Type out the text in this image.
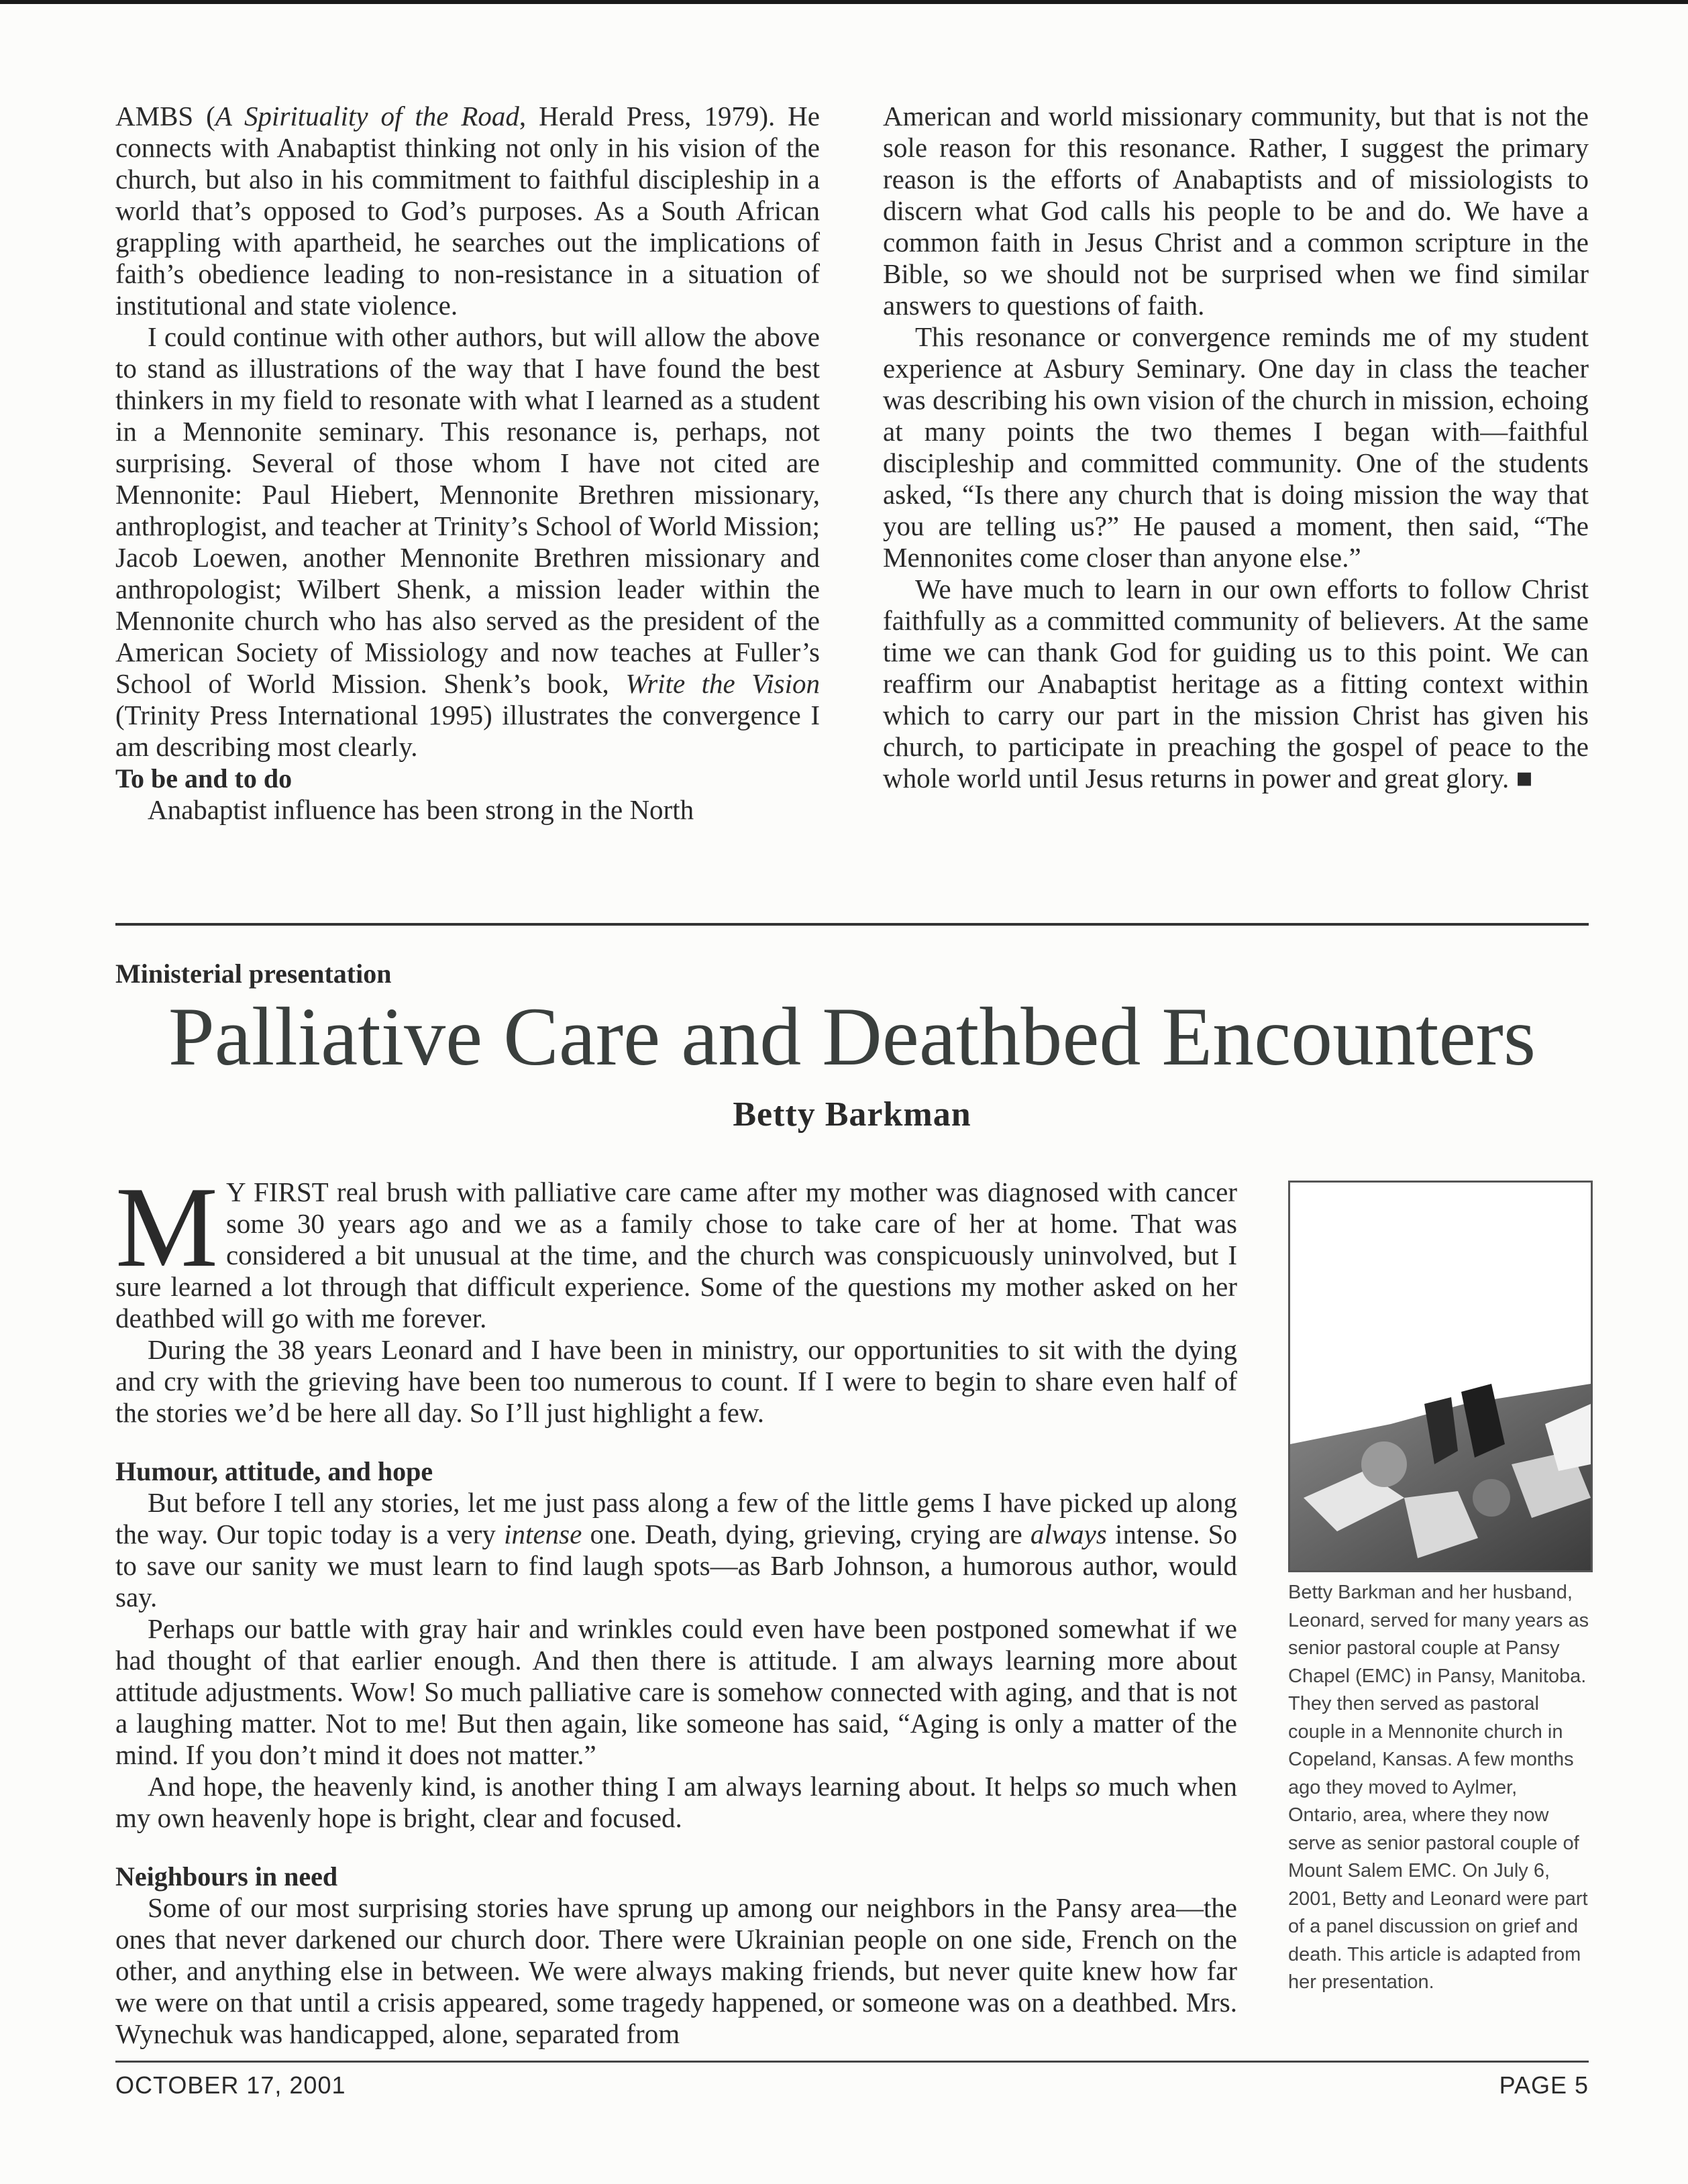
AMBS (A Spirituality of the Road, Herald Press, 1979). He connects with Anabaptist thinking not only in his vision of the church, but also in his commitment to faithful discipleship in a world that’s opposed to God’s purposes. As a South African grappling with apartheid, he searches out the implications of faith’s obedience leading to non-resistance in a situation of institutional and state violence.

I could continue with other authors, but will allow the above to stand as illustrations of the way that I have found the best thinkers in my field to resonate with what I learned as a student in a Mennonite seminary. This resonance is, perhaps, not surprising. Several of those whom I have not cited are Mennonite: Paul Hiebert, Mennonite Brethren missionary, anthroplogist, and teacher at Trinity’s School of World Mission; Jacob Loewen, another Mennonite Brethren missionary and anthropologist; Wilbert Shenk, a mission leader within the Mennonite church who has also served as the president of the American Society of Missiology and now teaches at Fuller’s School of World Mission. Shenk’s book, Write the Vision (Trinity Press International 1995) illustrates the convergence I am describing most clearly.

To be and to do

Anabaptist influence has been strong in the North

American and world missionary community, but that is not the sole reason for this resonance. Rather, I suggest the primary reason is the efforts of Anabaptists and of missiologists to discern what God calls his people to be and do. We have a common faith in Jesus Christ and a common scripture in the Bible, so we should not be surprised when we find similar answers to questions of faith.

This resonance or convergence reminds me of my student experience at Asbury Seminary. One day in class the teacher was describing his own vision of the church in mission, echoing at many points the two themes I began with—faithful discipleship and committed community. One of the students asked, “Is there any church that is doing mission the way that you are telling us?” He paused a moment, then said, “The Mennonites come closer than anyone else.”

We have much to learn in our own efforts to follow Christ faithfully as a committed community of believers. At the same time we can thank God for guiding us to this point. We can reaffirm our Anabaptist heritage as a fitting context within which to carry our part in the mission Christ has given his church, to participate in preaching the gospel of peace to the whole world until Jesus returns in power and great glory. ■

Ministerial presentation
Palliative Care and Deathbed Encounters
Betty Barkman

M Y FIRST real brush with palliative care came after my mother was diagnosed with cancer some 30 years ago and we as a family chose to take care of her at home. That was considered a bit unusual at the time, and the church was conspicuously uninvolved, but I sure learned a lot through that difficult experience. Some of the questions my mother asked on her deathbed will go with me forever.

During the 38 years Leonard and I have been in ministry, our opportunities to sit with the dying and cry with the grieving have been too numerous to count. If I were to begin to share even half of the stories we’d be here all day. So I’ll just highlight a few.

Humour, attitude, and hope

But before I tell any stories, let me just pass along a few of the little gems I have picked up along the way. Our topic today is a very intense one. Death, dying, grieving, crying are always intense. So to save our sanity we must learn to find laugh spots—as Barb Johnson, a humorous author, would say.

Perhaps our battle with gray hair and wrinkles could even have been postponed somewhat if we had thought of that earlier enough. And then there is attitude. I am always learning more about attitude adjustments. Wow! So much palliative care is somehow connected with aging, and that is not a laughing matter. Not to me! But then again, like someone has said, “Aging is only a matter of the mind. If you don’t mind it does not matter.”

And hope, the heavenly kind, is another thing I am always learning about. It helps so much when my own heavenly hope is bright, clear and focused.

Neighbours in need

Some of our most surprising stories have sprung up among our neighbors in the Pansy area—the ones that never darkened our church door. There were Ukrainian people on one side, French on the other, and anything else in between. We were always making friends, but never quite knew how far we were on that until a crisis appeared, some tragedy happened, or someone was on a deathbed. Mrs. Wynechuk was handicapped, alone, separated from

Betty Barkman and her husband, Leonard, served for many years as senior pastoral couple at Pansy Chapel (EMC) in Pansy, Manitoba. They then served as pastoral couple in a Mennonite church in Copeland, Kansas. A few months ago they moved to Aylmer, Ontario, area, where they now serve as senior pastoral couple of Mount Salem EMC. On July 6, 2001, Betty and Leonard were part of a panel discussion on grief and death. This article is adapted from her presentation.
OCTOBER 17, 2001	PAGE 5
